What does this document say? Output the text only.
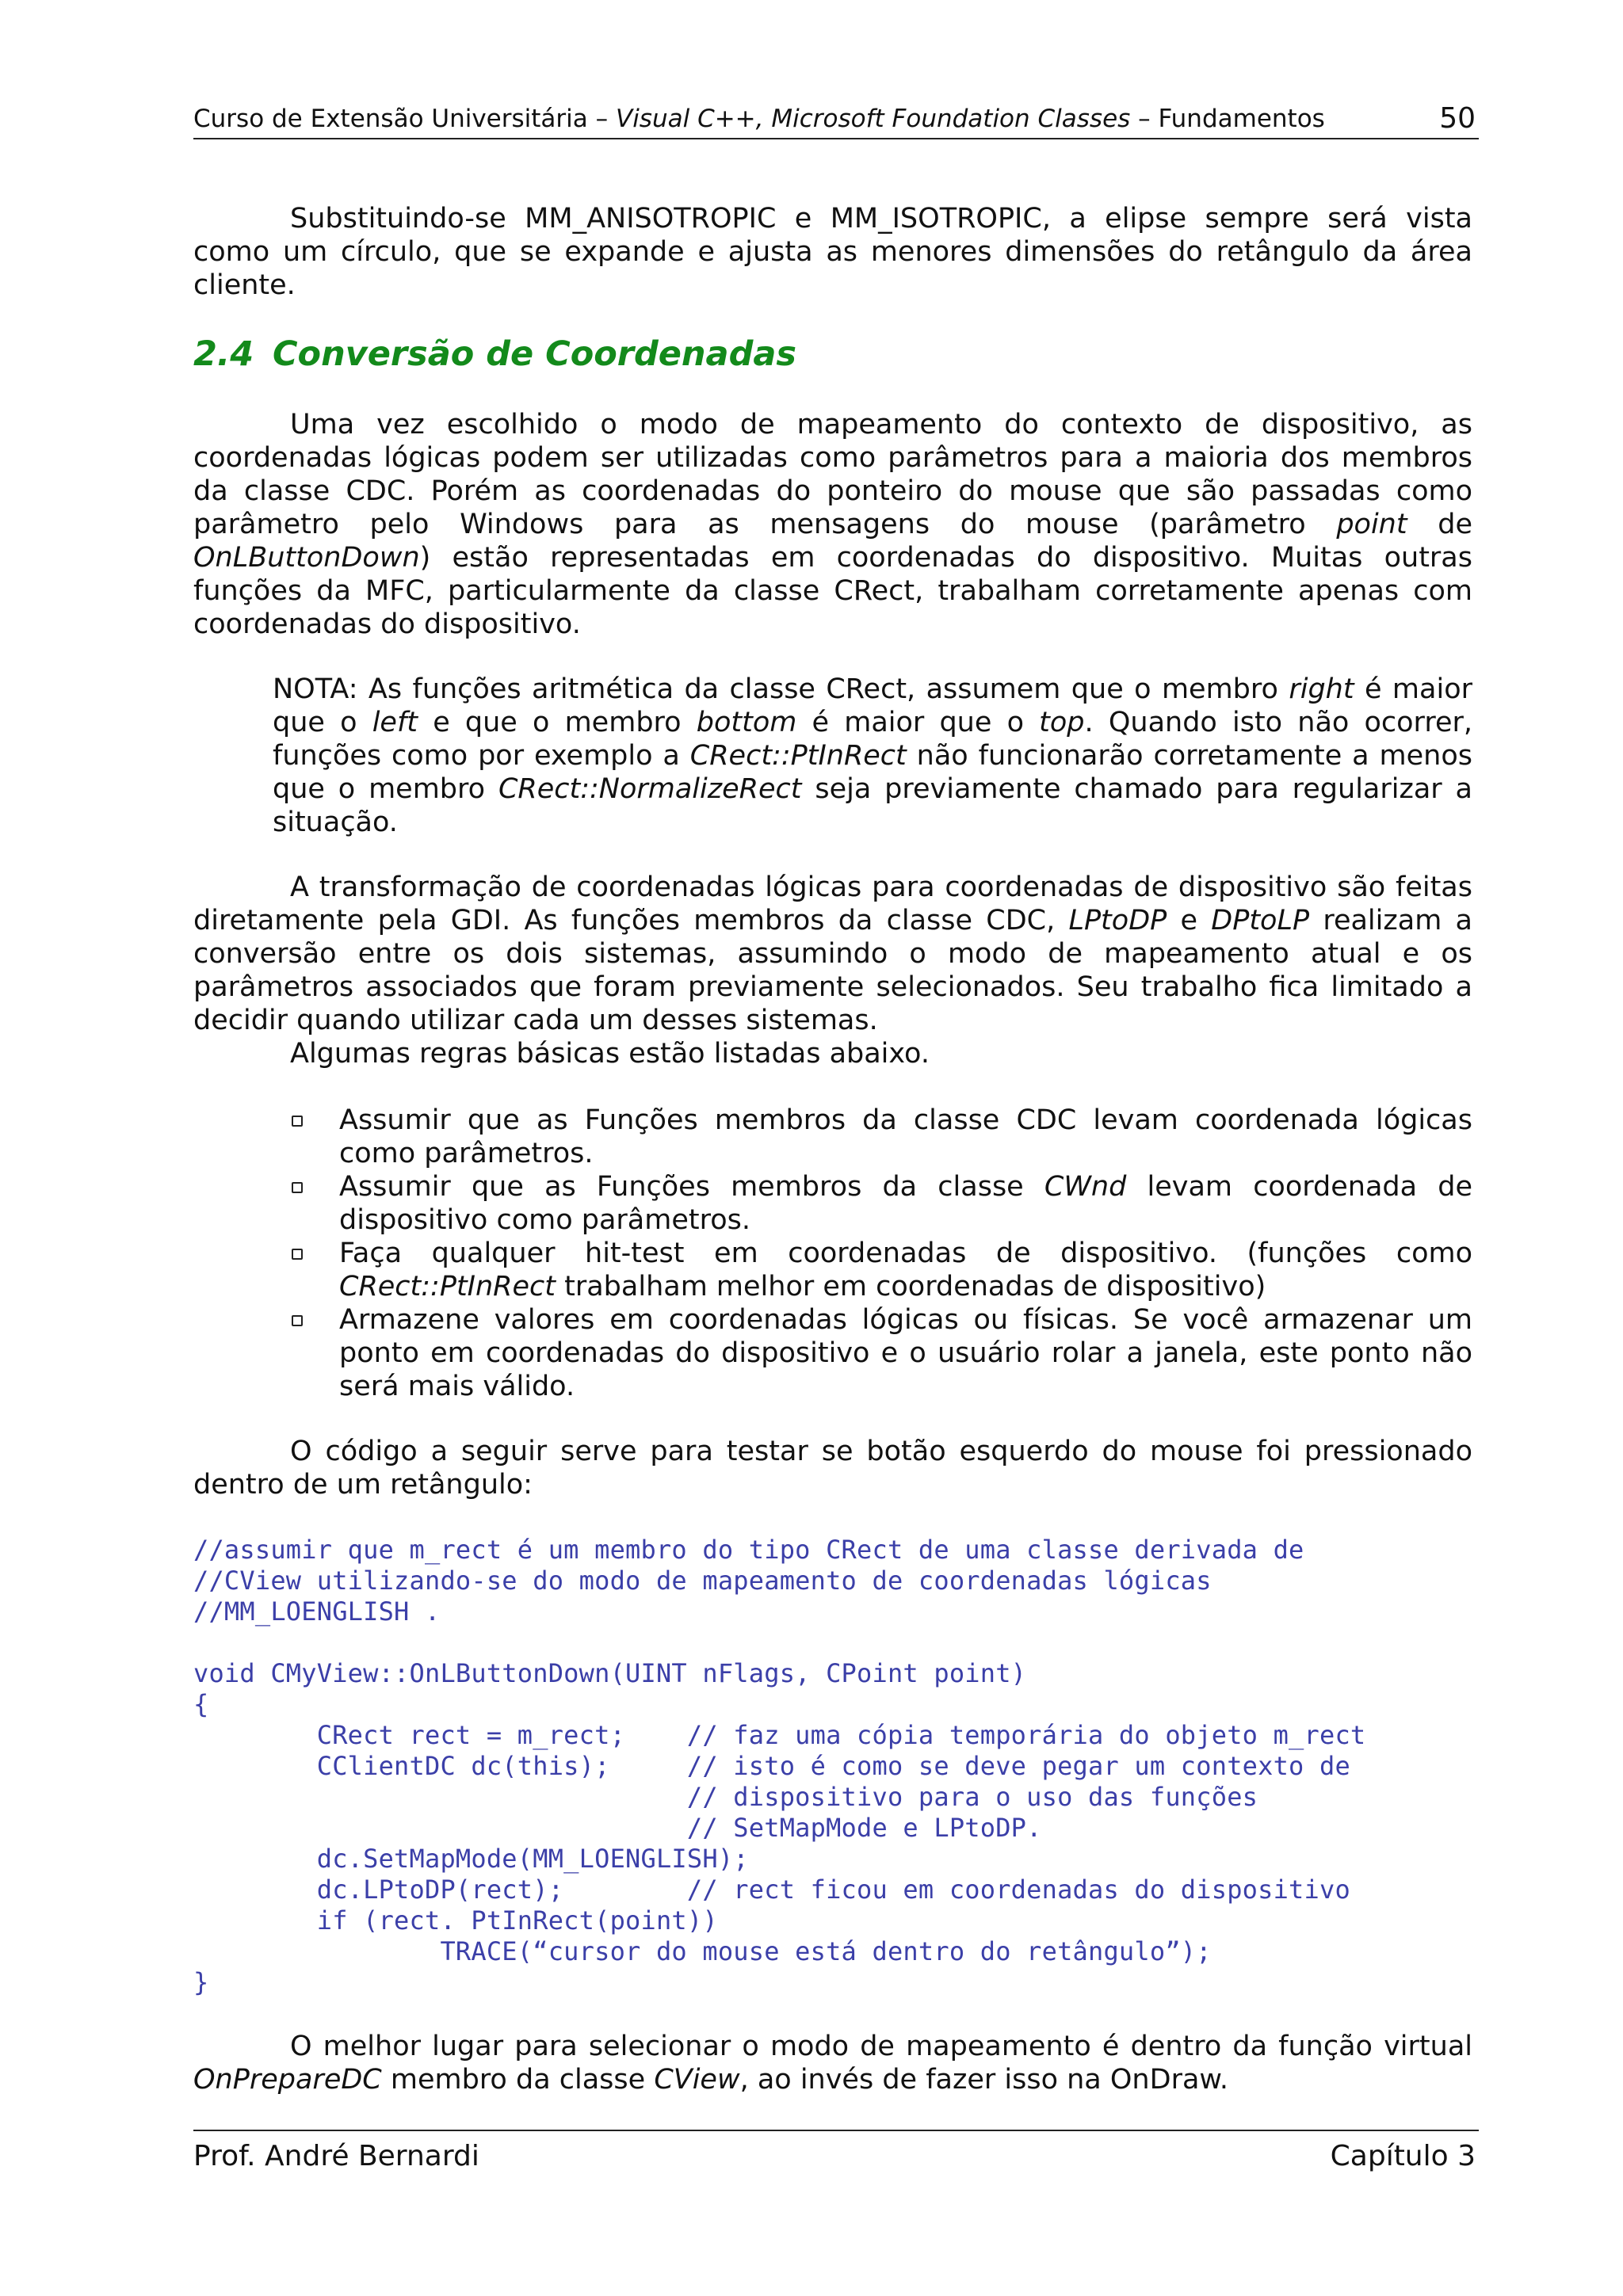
Curso de Extensão Universitária – Visual C++, Microsoft Foundation Classes – Fundamentos	50

Substituindo-se MM_ANISOTROPIC e MM_ISOTROPIC, a elipse sempre será vista como um círculo, que se expande e ajusta as menores dimensões do retângulo da área cliente.

2.4 Conversão de Coordenadas

Uma vez escolhido o modo de mapeamento do contexto de dispositivo, as coordenadas lógicas podem ser utilizadas como parâmetros para a maioria dos membros da classe CDC. Porém as coordenadas do ponteiro do mouse que são passadas como parâmetro pelo Windows para as mensagens do mouse (parâmetro point de OnLButtonDown) estão representadas em coordenadas do dispositivo. Muitas outras funções da MFC, particularmente da classe CRect, trabalham corretamente apenas com coordenadas do dispositivo.

NOTA: As funções aritmética da classe CRect, assumem que o membro right é maior que o left e que o membro bottom é maior que o top. Quando isto não ocorrer, funções como por exemplo a CRect::PtInRect não funcionarão corretamente a menos que o membro CRect::NormalizeRect seja previamente chamado para regularizar a situação.

A transformação de coordenadas lógicas para coordenadas de dispositivo são feitas diretamente pela GDI. As funções membros da classe CDC, LPtoDP e DPtoLP realizam a conversão entre os dois sistemas, assumindo o modo de mapeamento atual e os parâmetros associados que foram previamente selecionados. Seu trabalho fica limitado a decidir quando utilizar cada um desses sistemas.

Algumas regras básicas estão listadas abaixo.

Assumir que as Funções membros da classe CDC levam coordenada lógicas como parâmetros.
Assumir que as Funções membros da classe CWnd levam coordenada de dispositivo como parâmetros.
Faça qualquer hit-test em coordenadas de dispositivo. (funções como CRect::PtInRect trabalham melhor em coordenadas de dispositivo)
Armazene valores em coordenadas lógicas ou físicas. Se você armazenar um ponto em coordenadas do dispositivo e o usuário rolar a janela, este ponto não será mais válido.

O código a seguir serve para testar se botão esquerdo do mouse foi pressionado dentro de um retângulo:

//assumir que m_rect é um membro do tipo CRect de uma classe derivada de
//CView utilizando-se do modo de mapeamento de coordenadas lógicas
//MM_LOENGLISH .
void CMyView::OnLButtonDown(UINT nFlags, CPoint point)
{
CRect rect = m_rect;    // faz uma cópia temporária do objeto m_rect
CClientDC dc(this);     // isto é como se deve pegar um contexto de
// dispositivo para o uso das funções
// SetMapMode e LPtoDP.
dc.SetMapMode(MM_LOENGLISH);
dc.LPtoDP(rect);        // rect ficou em coordenadas do dispositivo
if (rect. PtInRect(point))
TRACE(“cursor do mouse está dentro do retângulo”);
}

O melhor lugar para selecionar o modo de mapeamento é dentro da função virtual OnPrepareDC membro da classe CView, ao invés de fazer isso na OnDraw.

Prof. André Bernardi	Capítulo 3
